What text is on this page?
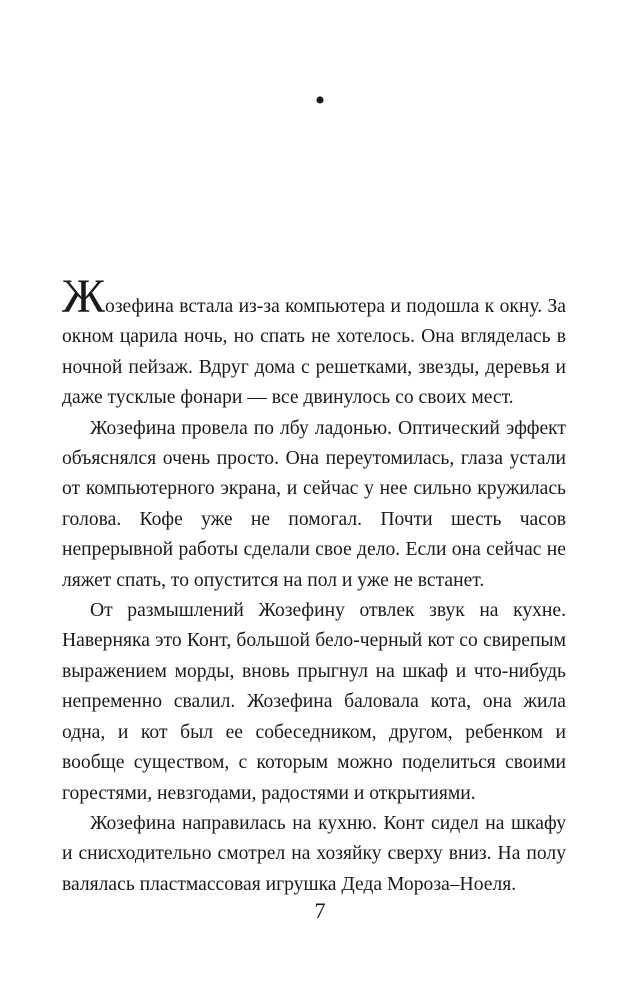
•

Жозефина встала из-за компьютера и подошла к окну. За окном царила ночь, но спать не хотелось. Она вгляделась в ночной пейзаж. Вдруг дома с решетками, звезды, деревья и даже тусклые фонари — все двинулось со своих мест.

Жозефина провела по лбу ладонью. Оптический эффект объяснялся очень просто. Она переутомилась, глаза устали от компьютерного экрана, и сейчас у нее сильно кружилась голова. Кофе уже не помогал. Почти шесть часов непрерывной работы сделали свое дело. Если она сейчас не ляжет спать, то опустится на пол и уже не встанет.

От размышлений Жозефину отвлек звук на кухне. Наверняка это Конт, большой бело-черный кот со свирепым выражением морды, вновь прыгнул на шкаф и что-нибудь непременно свалил. Жозефина баловала кота, она жила одна, и кот был ее собеседником, другом, ребенком и вообще существом, с которым можно поделиться своими горестями, невзгодами, радостями и открытиями.

Жозефина направилась на кухню. Конт сидел на шкафу и снисходительно смотрел на хозяйку сверху вниз. На полу валялась пластмассовая игрушка Деда Мороза–Ноеля.

7
